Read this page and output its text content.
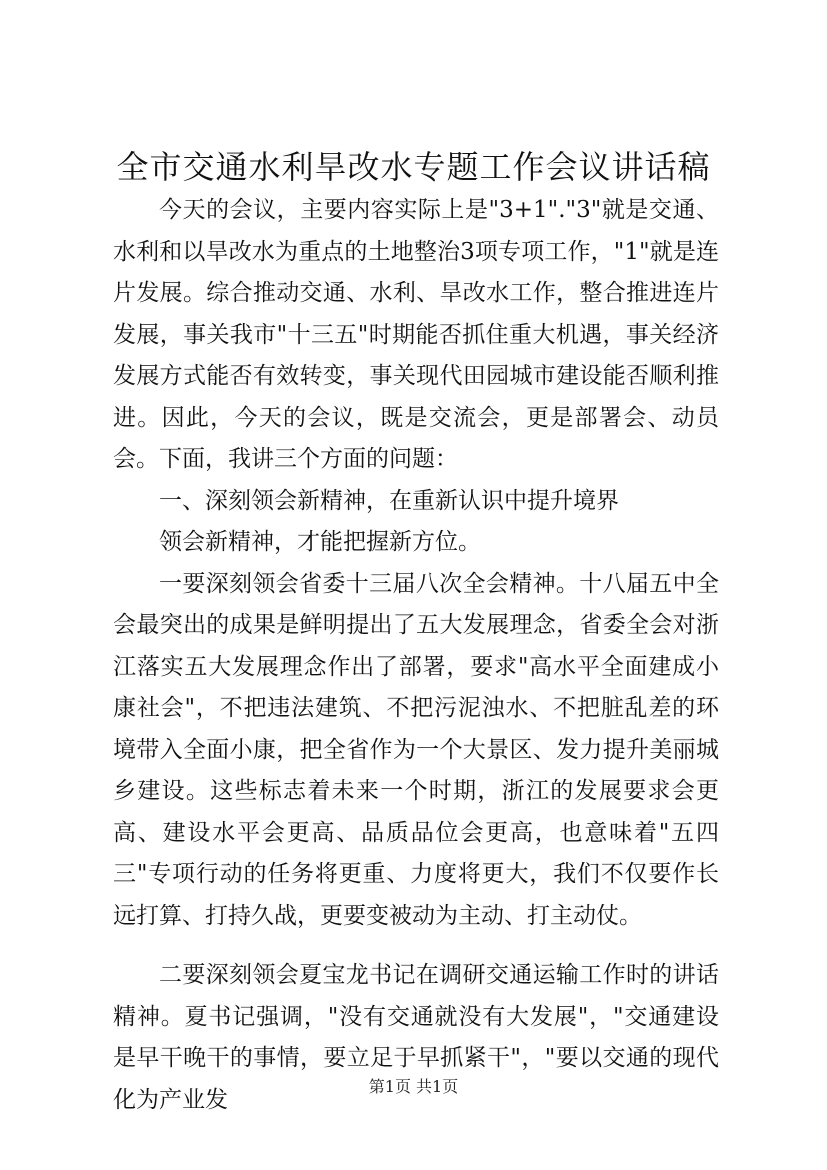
全市交通水利旱改水专题工作会议讲话稿

今天的会议，主要内容实际上是"3+1"."3"就是交通、水利和以旱改水为重点的土地整治3项专项工作，"1"就是连片发展。综合推动交通、水利、旱改水工作，整合推进连片发展，事关我市"十三五"时期能否抓住重大机遇，事关经济发展方式能否有效转变，事关现代田园城市建设能否顺利推进。因此，今天的会议，既是交流会，更是部署会、动员会。下面，我讲三个方面的问题：

一、深刻领会新精神，在重新认识中提升境界

领会新精神，才能把握新方位。

一要深刻领会省委十三届八次全会精神。十八届五中全会最突出的成果是鲜明提出了五大发展理念，省委全会对浙江落实五大发展理念作出了部署，要求"高水平全面建成小康社会"，不把违法建筑、不把污泥浊水、不把脏乱差的环境带入全面小康，把全省作为一个大景区、发力提升美丽城乡建设。这些标志着未来一个时期，浙江的发展要求会更高、建设水平会更高、品质品位会更高，也意味着"五四三"专项行动的任务将更重、力度将更大，我们不仅要作长远打算、打持久战，更要变被动为主动、打主动仗。

二要深刻领会夏宝龙书记在调研交通运输工作时的讲话精神。夏书记强调，"没有交通就没有大发展"，"交通建设是早干晚干的事情，要立足于早抓紧干"，"要以交通的现代化为产业发	第1页 共1页
